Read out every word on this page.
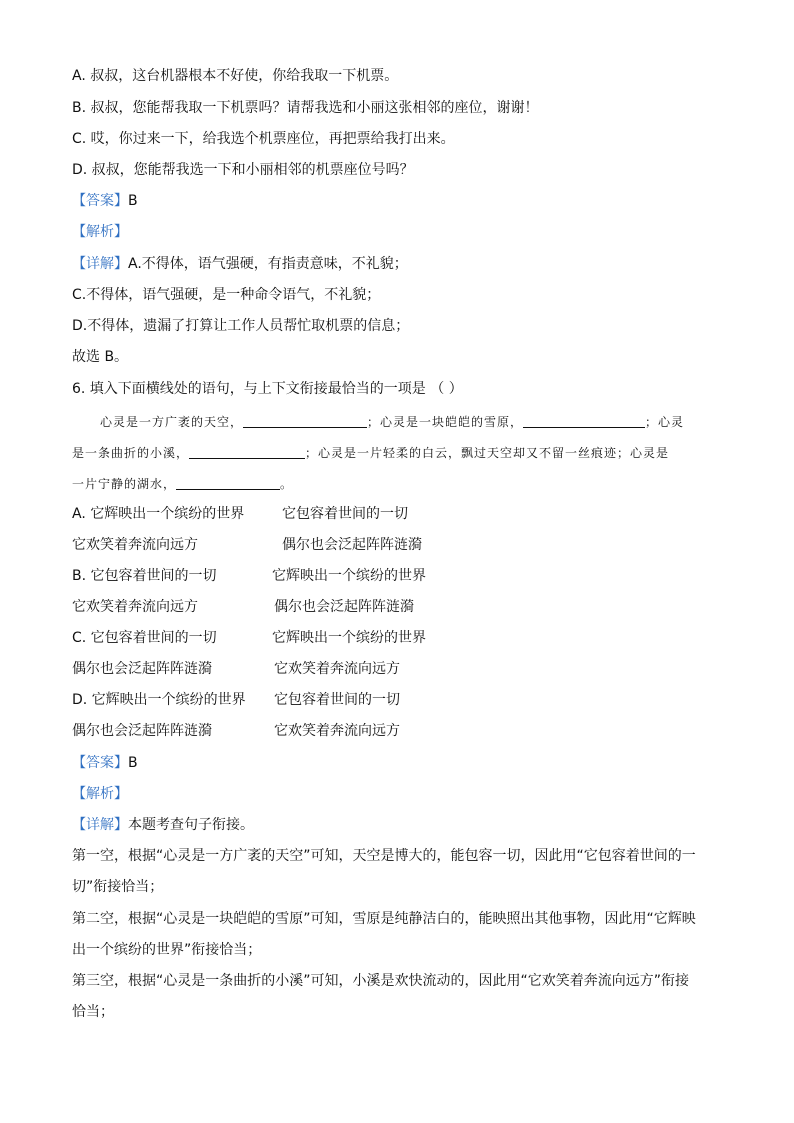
A. 叔叔，这台机器根本不好使，你给我取一下机票。
B. 叔叔，您能帮我取一下机票吗？请帮我选和小丽这张相邻的座位，谢谢！
C. 哎，你过来一下，给我选个机票座位，再把票给我打出来。
D. 叔叔，您能帮我选一下和小丽相邻的机票座位号吗？
【答案】B
【解析】
【详解】A.不得体，语气强硬，有指责意味，不礼貌；
C.不得体，语气强硬，是一种命令语气，不礼貌；
D.不得体，遗漏了打算让工作人员帮忙取机票的信息；
故选 B。
6. 填入下面横线处的语句，与上下文衔接最恰当的一项是 （ ）
心灵是一方广袤的天空，	；心灵是一块皑皑的雪原，	；心灵
是一条曲折的小溪，	；心灵是一片轻柔的白云，飘过天空却又不留一丝痕迹；心灵是
一片宁静的湖水，	。
A. 它辉映出一个缤纷的世界	它包容着世间的一切
它欢笑着奔流向远方	偶尔也会泛起阵阵涟漪
B. 它包容着世间的一切	它辉映出一个缤纷的世界
它欢笑着奔流向远方	偶尔也会泛起阵阵涟漪
C. 它包容着世间的一切	它辉映出一个缤纷的世界
偶尔也会泛起阵阵涟漪	它欢笑着奔流向远方
D. 它辉映出一个缤纷的世界 它包容着世间的一切
偶尔也会泛起阵阵涟漪	它欢笑着奔流向远方
【答案】B
【解析】
【详解】本题考查句子衔接。
第一空，根据“心灵是一方广袤的天空”可知，天空是博大的，能包容一切，因此用“它包容着世间的一
切”衔接恰当；
第二空，根据“心灵是一块皑皑的雪原”可知，雪原是纯静洁白的，能映照出其他事物，因此用“它辉映
出一个缤纷的世界”衔接恰当；
第三空，根据“心灵是一条曲折的小溪”可知，小溪是欢快流动的，因此用“它欢笑着奔流向远方”衔接
恰当；
